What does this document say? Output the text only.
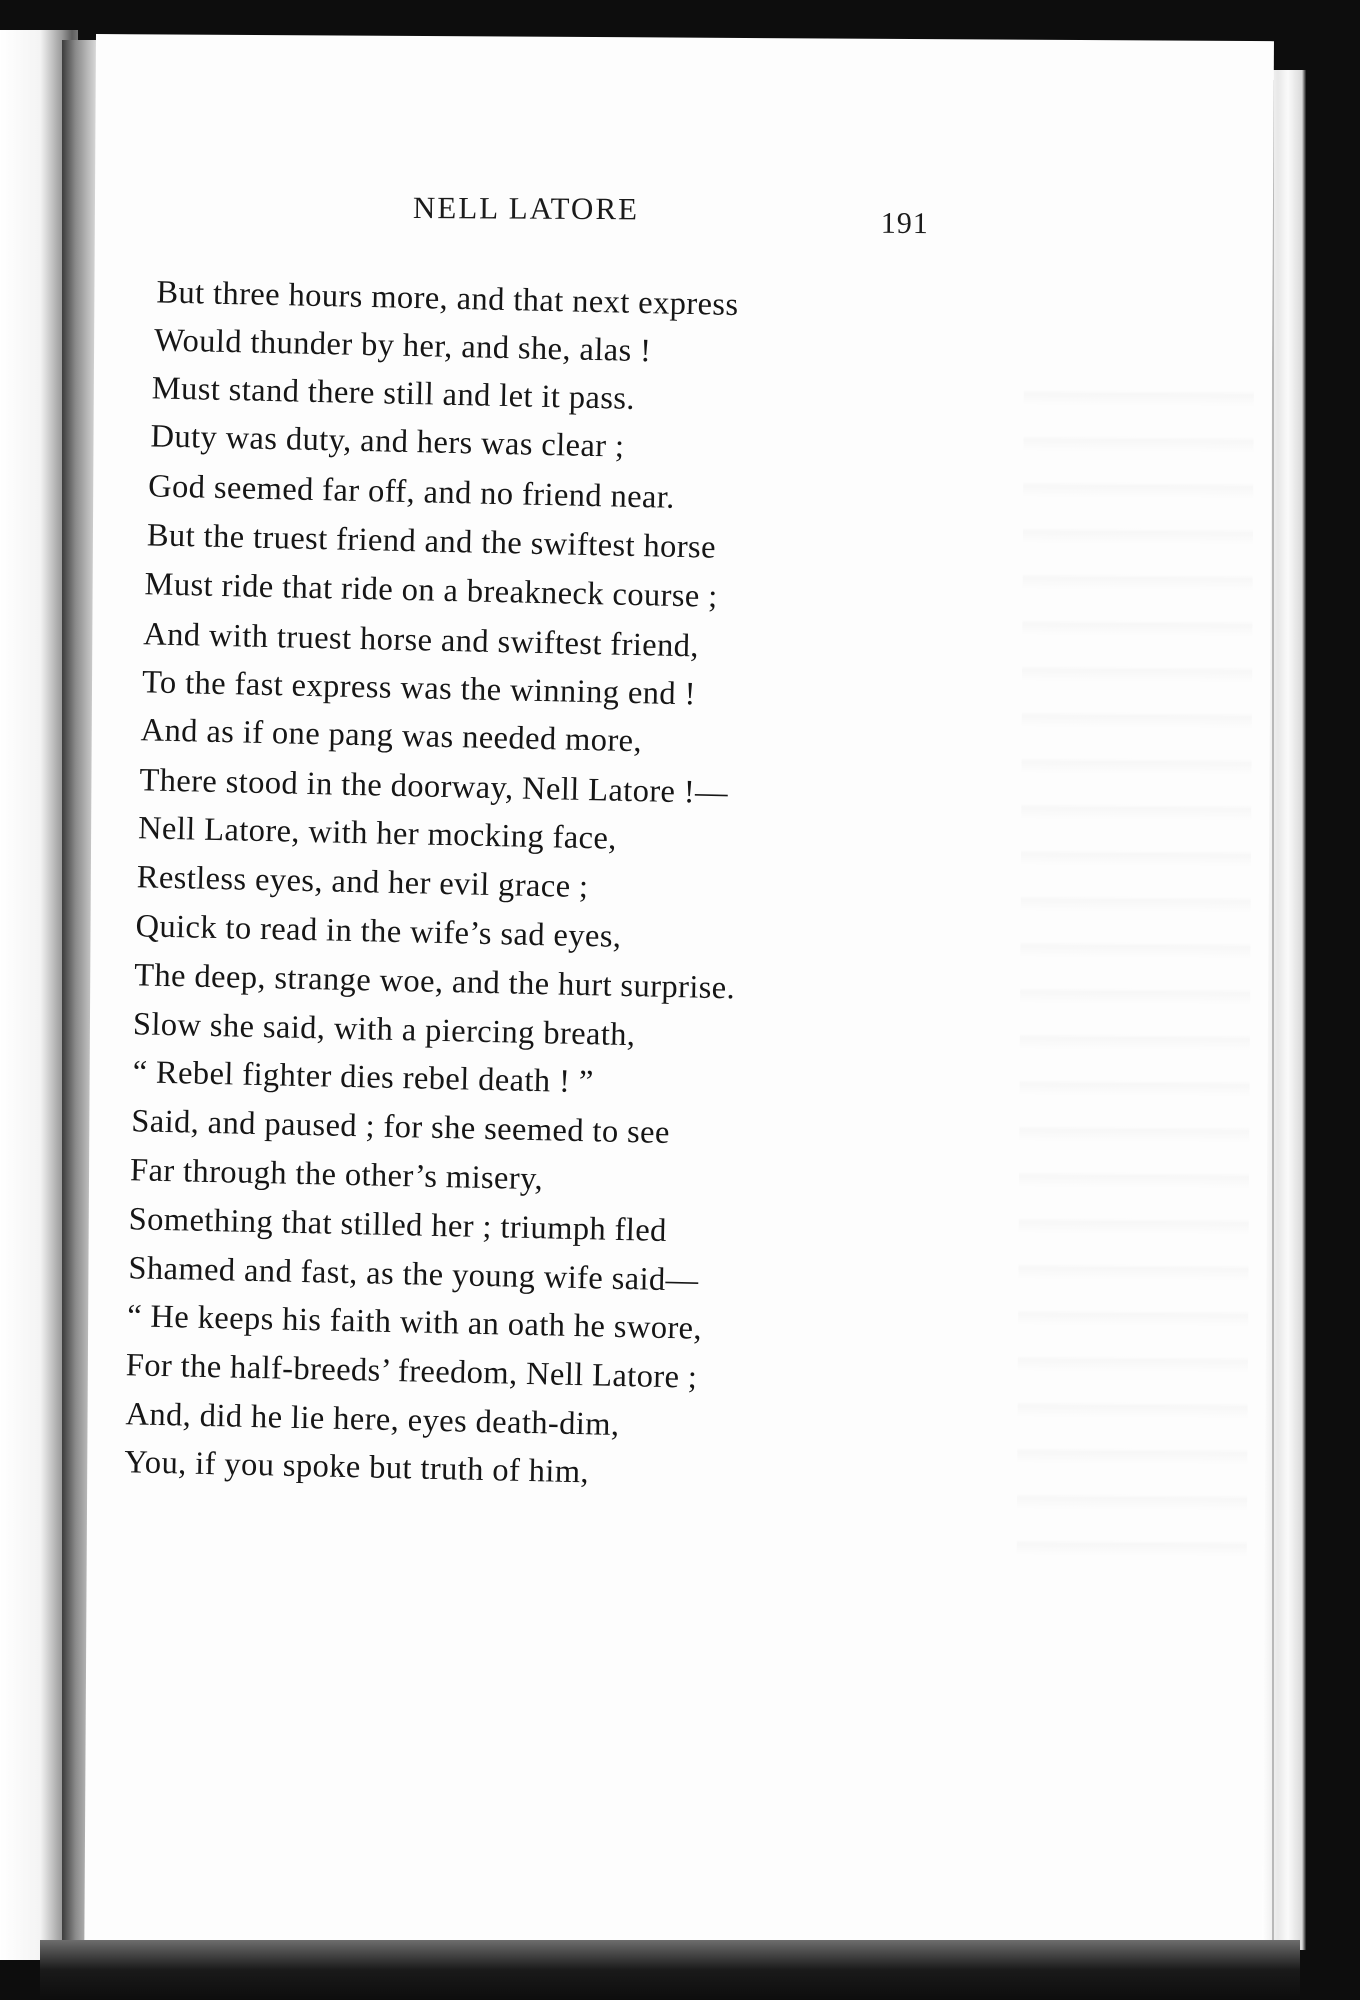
NELL LATORE	191
But three hours more, and that next express
Would thunder by her, and she, alas !
Must stand there still and let it pass.
Duty was duty, and hers was clear ;
God seemed far off, and no friend near.
But the truest friend and the swiftest horse
Must ride that ride on a breakneck course ;
And with truest horse and swiftest friend,
To the fast express was the winning end !
And as if one pang was needed more,
There stood in the doorway, Nell Latore !—
Nell Latore, with her mocking face,
Restless eyes, and her evil grace ;
Quick to read in the wife’s sad eyes,
The deep, strange woe, and the hurt surprise.
Slow she said, with a piercing breath,
“ Rebel fighter dies rebel death ! ”
Said, and paused ; for she seemed to see
Far through the other’s misery,
Something that stilled her ; triumph fled
Shamed and fast, as the young wife said—
“ He keeps his faith with an oath he swore,
For the half-breeds’ freedom, Nell Latore ;
And, did he lie here, eyes death-dim,
You, if you spoke but truth of him,
